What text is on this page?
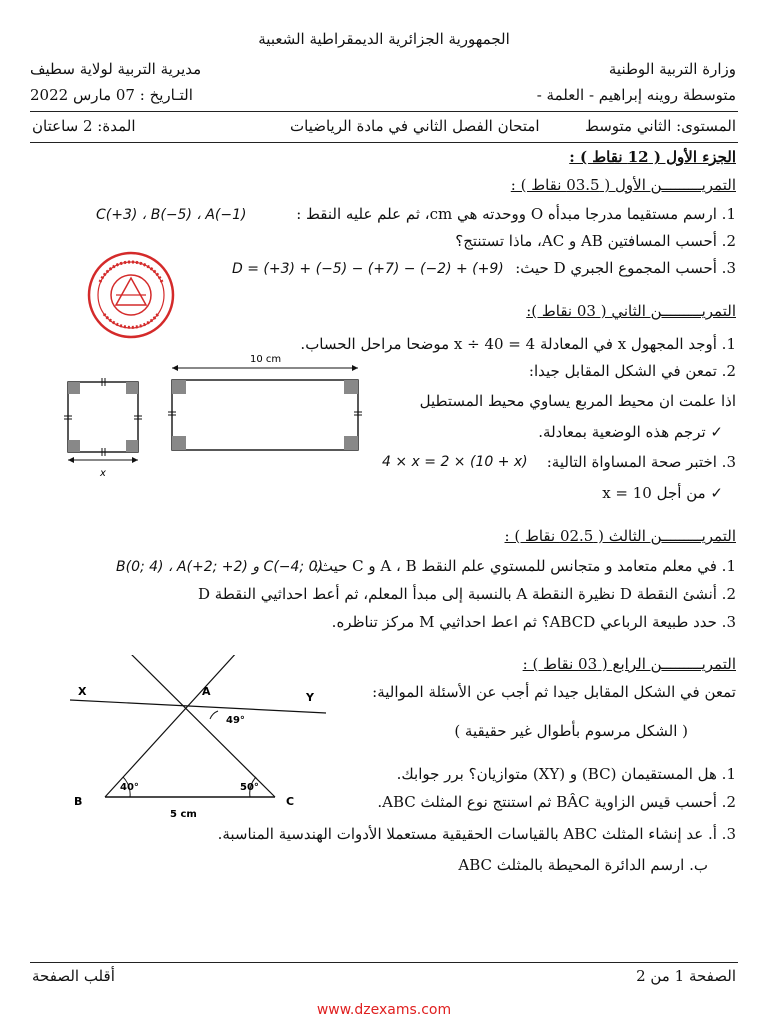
الجمهورية الجزائرية الديمقراطية الشعبية
وزارة التربية الوطنية
مديرية التربية لولاية سطيف
متوسطة روينه إبراهيم - العلمة -
التـاريخ : 07 مارس 2022
المستوى: الثاني متوسط
امتحان الفصل الثاني في مادة الرياضيات
المدة: 2 ساعتان
الجزء الأول ( 12 نقاط ) :
التمريـــــــــن الأول ( 03.5 نقاط ) :
1. ارسم مستقيما مدرجا مبدأه O ووحدته هي cm، ثم علم عليه النقط :
C(+3) ، B(−5) ، A(−1)
2. أحسب المسافتين AB و AC، ماذا تستنتج؟
3. أحسب المجموع الجبري D حيث:
D = (+3) + (−5) − (+7) − (−2) + (+9)
التمريـــــــــن الثاني ( 03 نقاط ):
1. أوجد المجهول x في المعادلة 4 = x ÷ 40 موضحا مراحل الحساب.
2. تمعن في الشكل المقابل جيدا:
اذا علمت ان محيط المربع يساوي محيط المستطيل
✓ ترجم هذه الوضعية بمعادلة.
3. اختبر صحة المساواة التالية:
4 × x = 2 × (10 + x)
✓ من أجل x = 10
x
10 cm
التمريـــــــــن الثالث ( 02.5 نقاط ) :
1. في معلم متعامد و متجانس للمستوي علم النقط A ، B و C حيث:
C(−4; 0) و B(0; 4) ، A(+2; +2)
2. أنشئ النقطة D نظيرة النقطة A بالنسبة إلى مبدأ المعلم، ثم أعط احداثيي النقطة D
3. حدد طبيعة الرباعي ABCD؟ ثم اعط احداثيي M مركز تناظره.
التمريـــــــــن الرابع ( 03 نقاط ) :
تمعن في الشكل المقابل جيدا ثم أجب عن الأسئلة الموالية:
( الشكل مرسوم بأطوال غير حقيقية )
1. هل المستقيمان (BC) و (XY) متوازيان؟ برر جوابك.
2. أحسب قيس الزاوية BÂC ثم استنتج نوع المثلث ABC.
3. أ. عد إنشاء المثلث ABC بالقياسات الحقيقية مستعملا الأدوات الهندسية المناسبة.
ب. ارسم الدائرة المحيطة بالمثلث ABC
X	Y
A
B	C
49°
40°	50°
5 cm
الصفحة 1 من 2
أقلب الصفحة
www.dzexams.com
